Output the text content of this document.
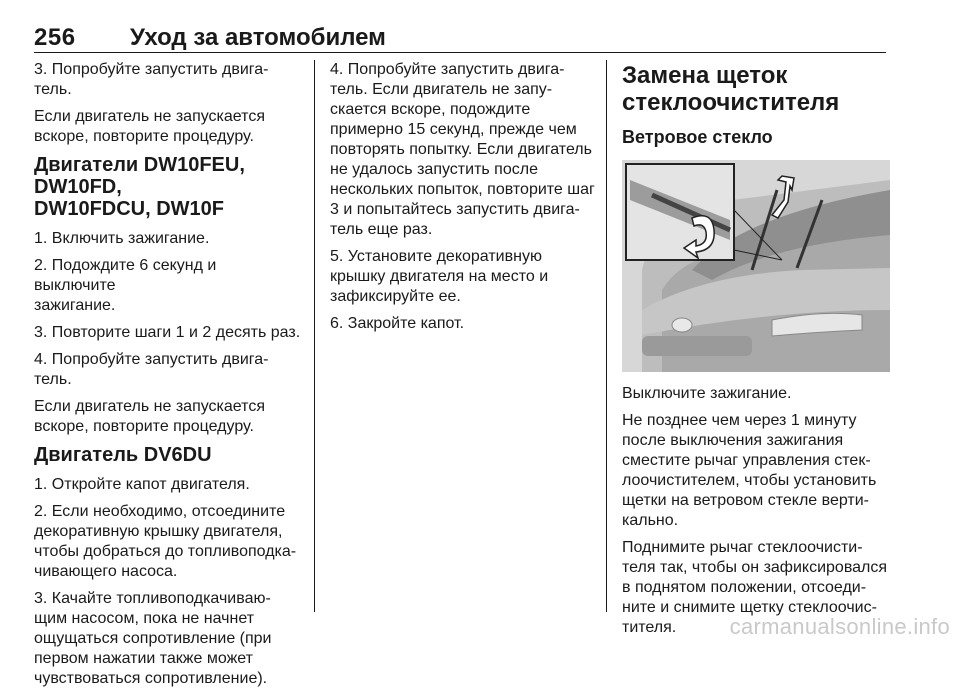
256 Уход за автомобилем

3. Попробуйте запустить двига‑
тель.

Если двигатель не запускается
вскоре, повторите процедуру.

Двигатели DW10FEU, DW10FD,
DW10FDCU, DW10F

1. Включить зажигание.

2. Подождите 6 секунд и выключите
зажигание.

3. Повторите шаги 1 и 2 десять раз.

4. Попробуйте запустить двига‑
тель.

Если двигатель не запускается
вскоре, повторите процедуру.

Двигатель DV6DU

1. Откройте капот двигателя.

2. Если необходимо, отсоедините
декоративную крышку двигателя,
чтобы добраться до топливоподка‑
чивающего насоса.

3. Качайте топливоподкачиваю‑
щим насосом, пока не начнет
ощущаться сопротивление (при
первом нажатии также может
чувствоваться сопротивление).

4. Попробуйте запустить двига‑
тель. Если двигатель не запу‑
скается вскоре, подождите
примерно 15 секунд, прежде чем
повторять попытку. Если двигатель
не удалось запустить после
нескольких попыток, повторите шаг
3 и попытайтесь запустить двига‑
тель еще раз.

5. Установите декоративную
крышку двигателя на место и
зафиксируйте ее.

6. Закройте капот.

Замена щеток
стеклоочистителя
Ветровое стекло

Выключите зажигание.

Не позднее чем через 1 минуту
после выключения зажигания
сместите рычаг управления стек‑
лоочистителем, чтобы установить
щетки на ветровом стекле верти‑
кально.

Поднимите рычаг стеклоочисти‑
теля так, чтобы он зафиксировался
в поднятом положении, отсоеди‑
ните и снимите щетку стеклоочис‑
тителя.	carmanualsonline.info
